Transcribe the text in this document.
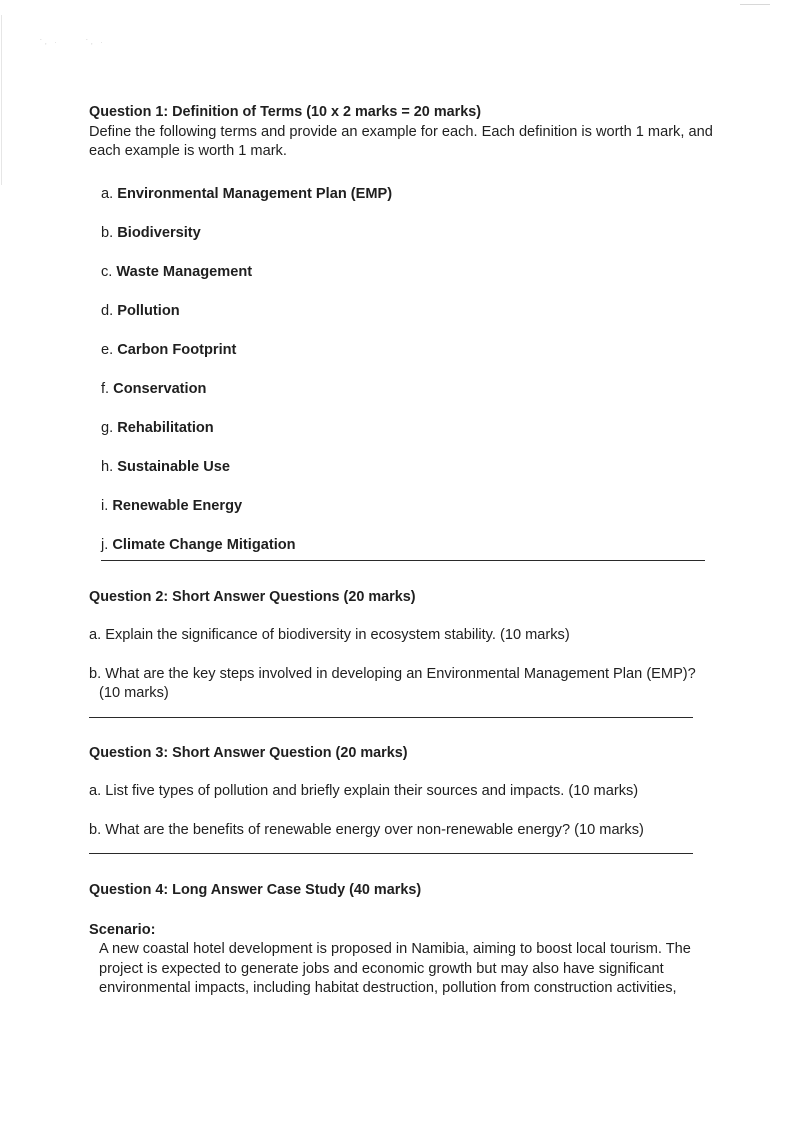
´, ·	´, ·
Question 1: Definition of Terms (10 x 2 marks = 20 marks)

Define the following terms and provide an example for each. Each definition is worth 1 mark, and each example is worth 1 mark.

a. Environmental Management Plan (EMP)
b. Biodiversity
c. Waste Management
d. Pollution
e. Carbon Footprint
f. Conservation
g. Rehabilitation
h. Sustainable Use
i. Renewable Energy
j. Climate Change Mitigation
Question 2: Short Answer Questions (20 marks)

a. Explain the significance of biodiversity in ecosystem stability. (10 marks)

b. What are the key steps involved in developing an Environmental Management Plan (EMP)?
(10 marks)

Question 3: Short Answer Question (20 marks)

a. List five types of pollution and briefly explain their sources and impacts. (10 marks)

b. What are the benefits of renewable energy over non-renewable energy? (10 marks)

Question 4: Long Answer Case Study (40 marks)
Scenario:

A new coastal hotel development is proposed in Namibia, aiming to boost local tourism. The project is expected to generate jobs and economic growth but may also have significant environmental impacts, including habitat destruction, pollution from construction activities,
